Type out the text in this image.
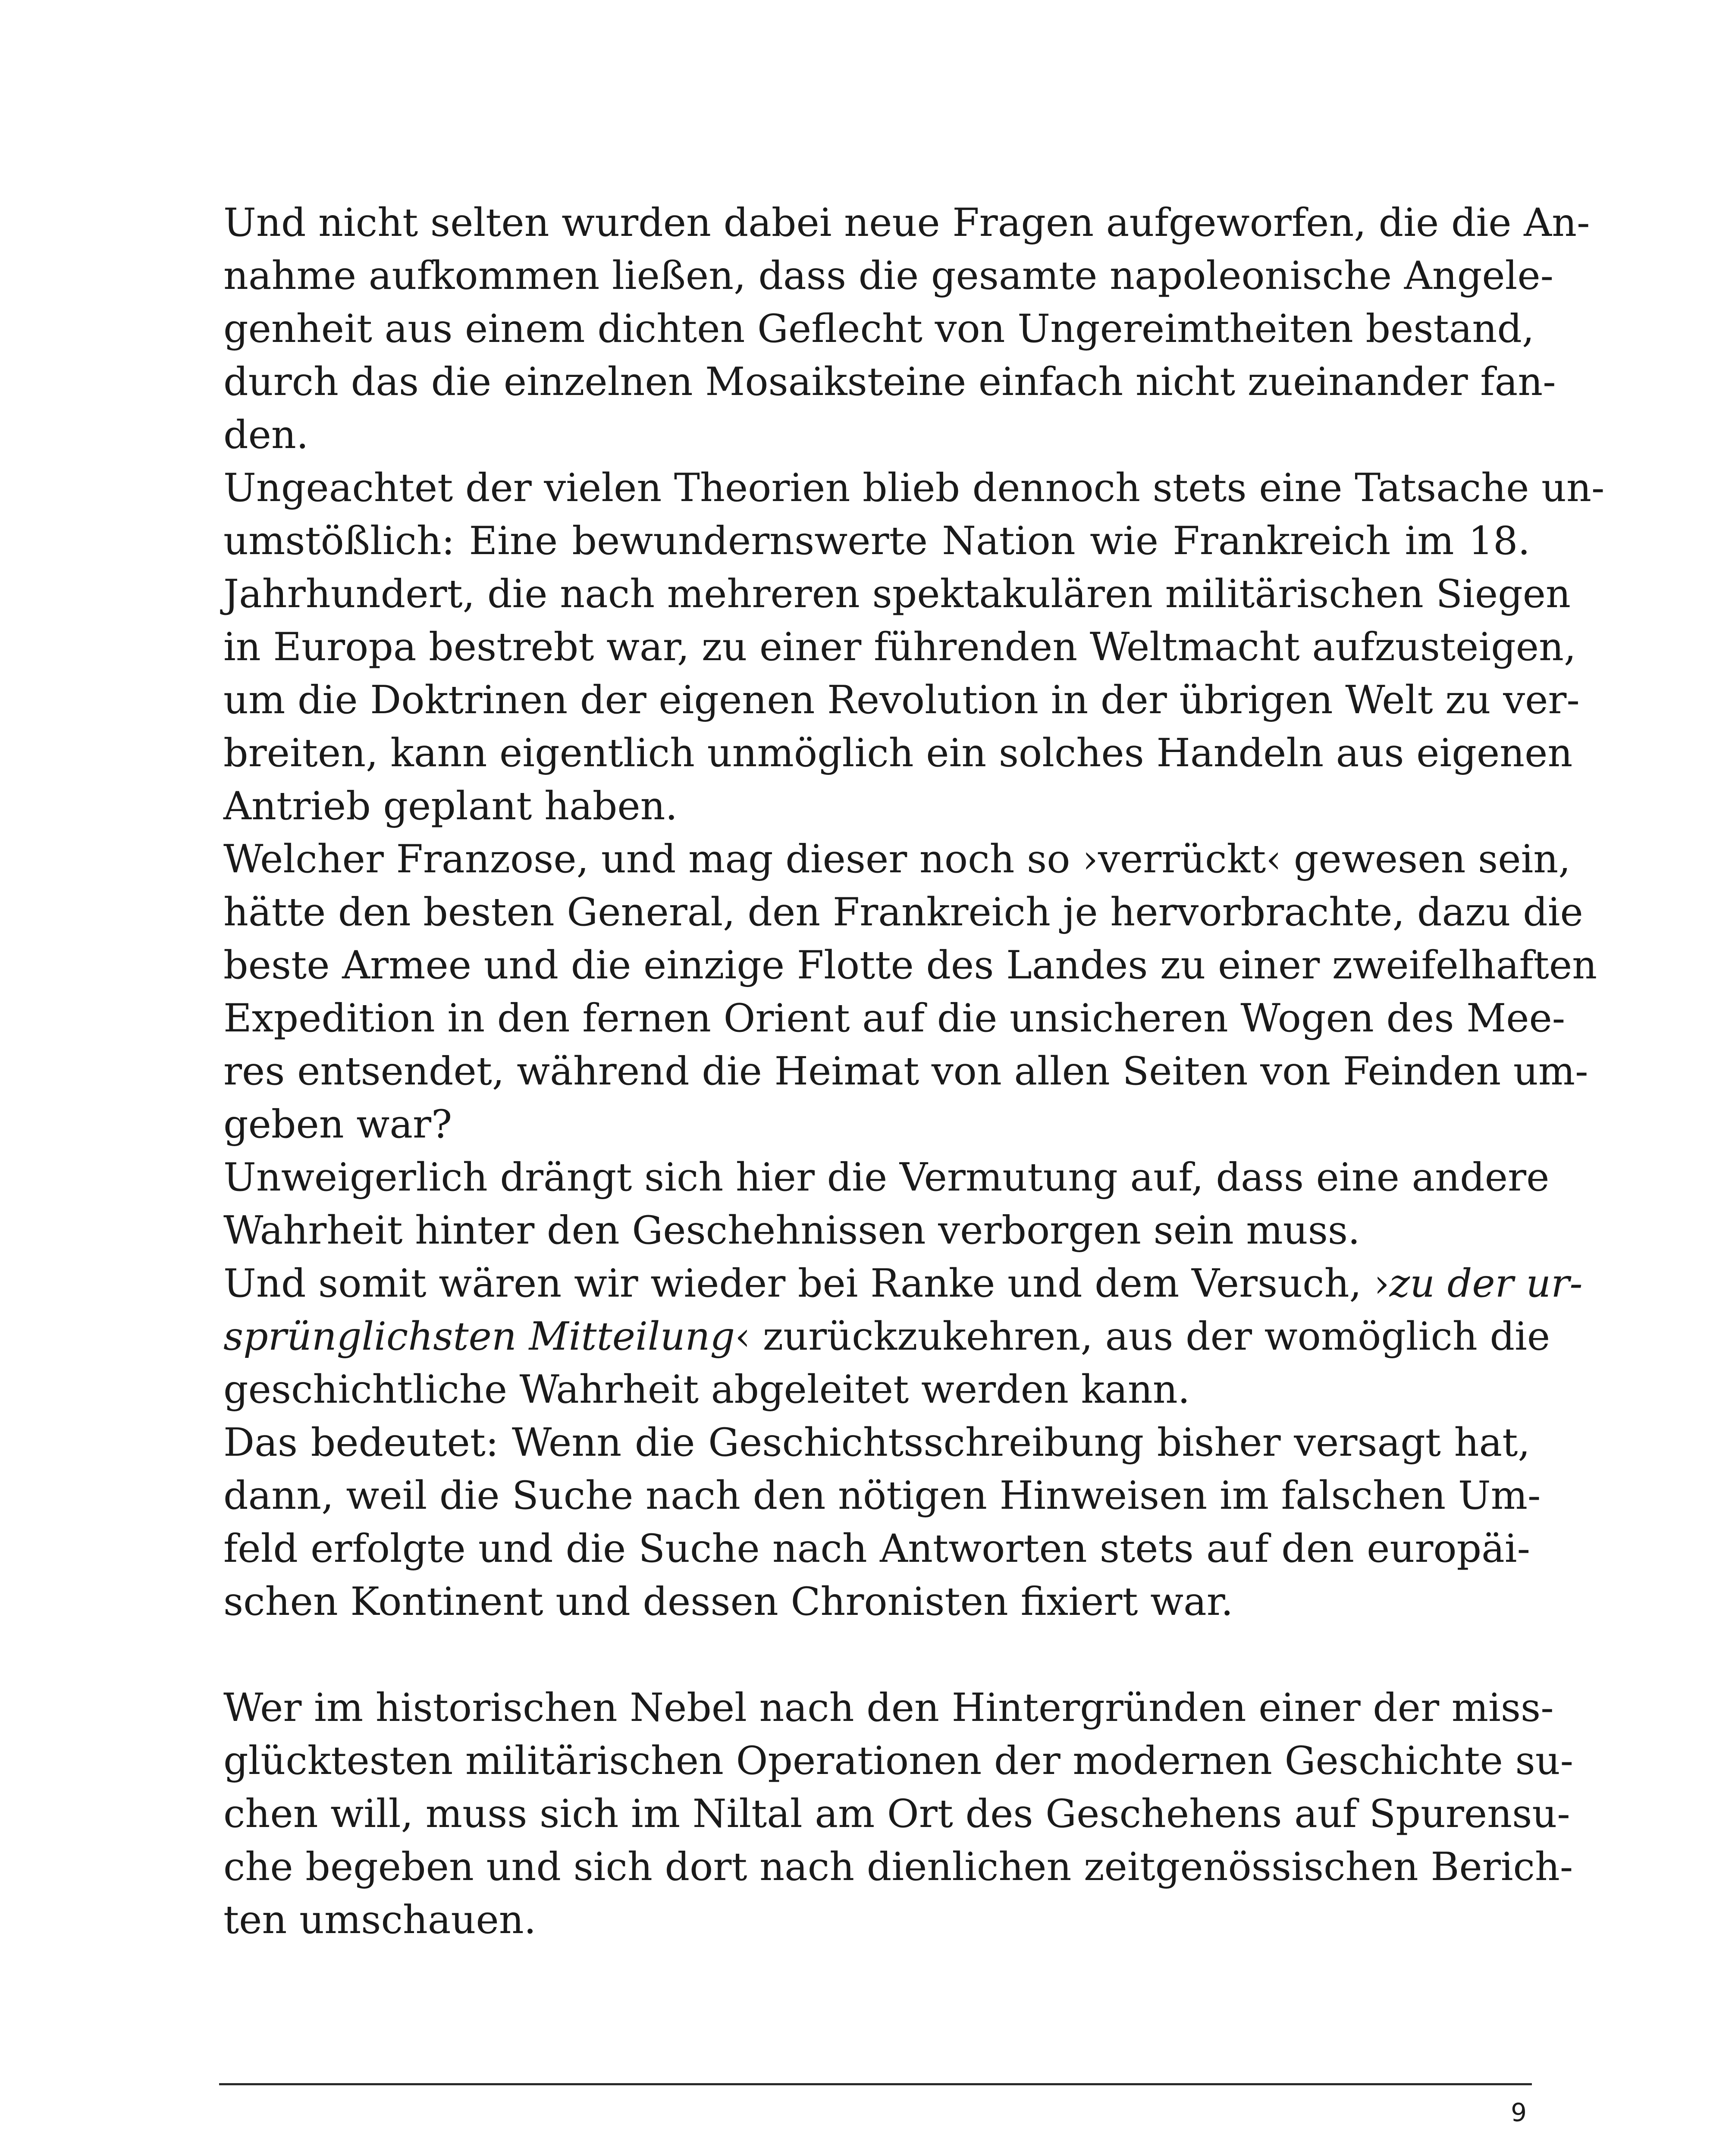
Und nicht selten wurden dabei neue Fragen aufgeworfen, die die An-
nahme aufkommen ließen, dass die gesamte napoleonische Angele-
genheit aus einem dichten Geflecht von Ungereimtheiten bestand,
durch das die einzelnen Mosaiksteine einfach nicht zueinander fan-
den.
Ungeachtet der vielen Theorien blieb dennoch stets eine Tatsache un-
umstößlich: Eine bewundernswerte Nation wie Frankreich im 18.
Jahrhundert, die nach mehreren spektakulären militärischen Siegen
in Europa bestrebt war, zu einer führenden Weltmacht aufzusteigen,
um die Doktrinen der eigenen Revolution in der übrigen Welt zu ver-
breiten, kann eigentlich unmöglich ein solches Handeln aus eigenen
Antrieb geplant haben.
Welcher Franzose, und mag dieser noch so ›verrückt‹ gewesen sein,
hätte den besten General, den Frankreich je hervorbrachte, dazu die
beste Armee und die einzige Flotte des Landes zu einer zweifelhaften
Expedition in den fernen Orient auf die unsicheren Wogen des Mee-
res entsendet, während die Heimat von allen Seiten von Feinden um-
geben war?
Unweigerlich drängt sich hier die Vermutung auf, dass eine andere
Wahrheit hinter den Geschehnissen verborgen sein muss.
Und somit wären wir wieder bei Ranke und dem Versuch, ›zu der ur-
sprünglichsten Mitteilung‹ zurückzukehren, aus der womöglich die
geschichtliche Wahrheit abgeleitet werden kann.
Das bedeutet: Wenn die Geschichtsschreibung bisher versagt hat,
dann, weil die Suche nach den nötigen Hinweisen im falschen Um-
feld erfolgte und die Suche nach Antworten stets auf den europäi-
schen Kontinent und dessen Chronisten fixiert war.
Wer im historischen Nebel nach den Hintergründen einer der miss-
glücktesten militärischen Operationen der modernen Geschichte su-
chen will, muss sich im Niltal am Ort des Geschehens auf Spurensu-
che begeben und sich dort nach dienlichen zeitgenössischen Berich-
ten umschauen.
9
